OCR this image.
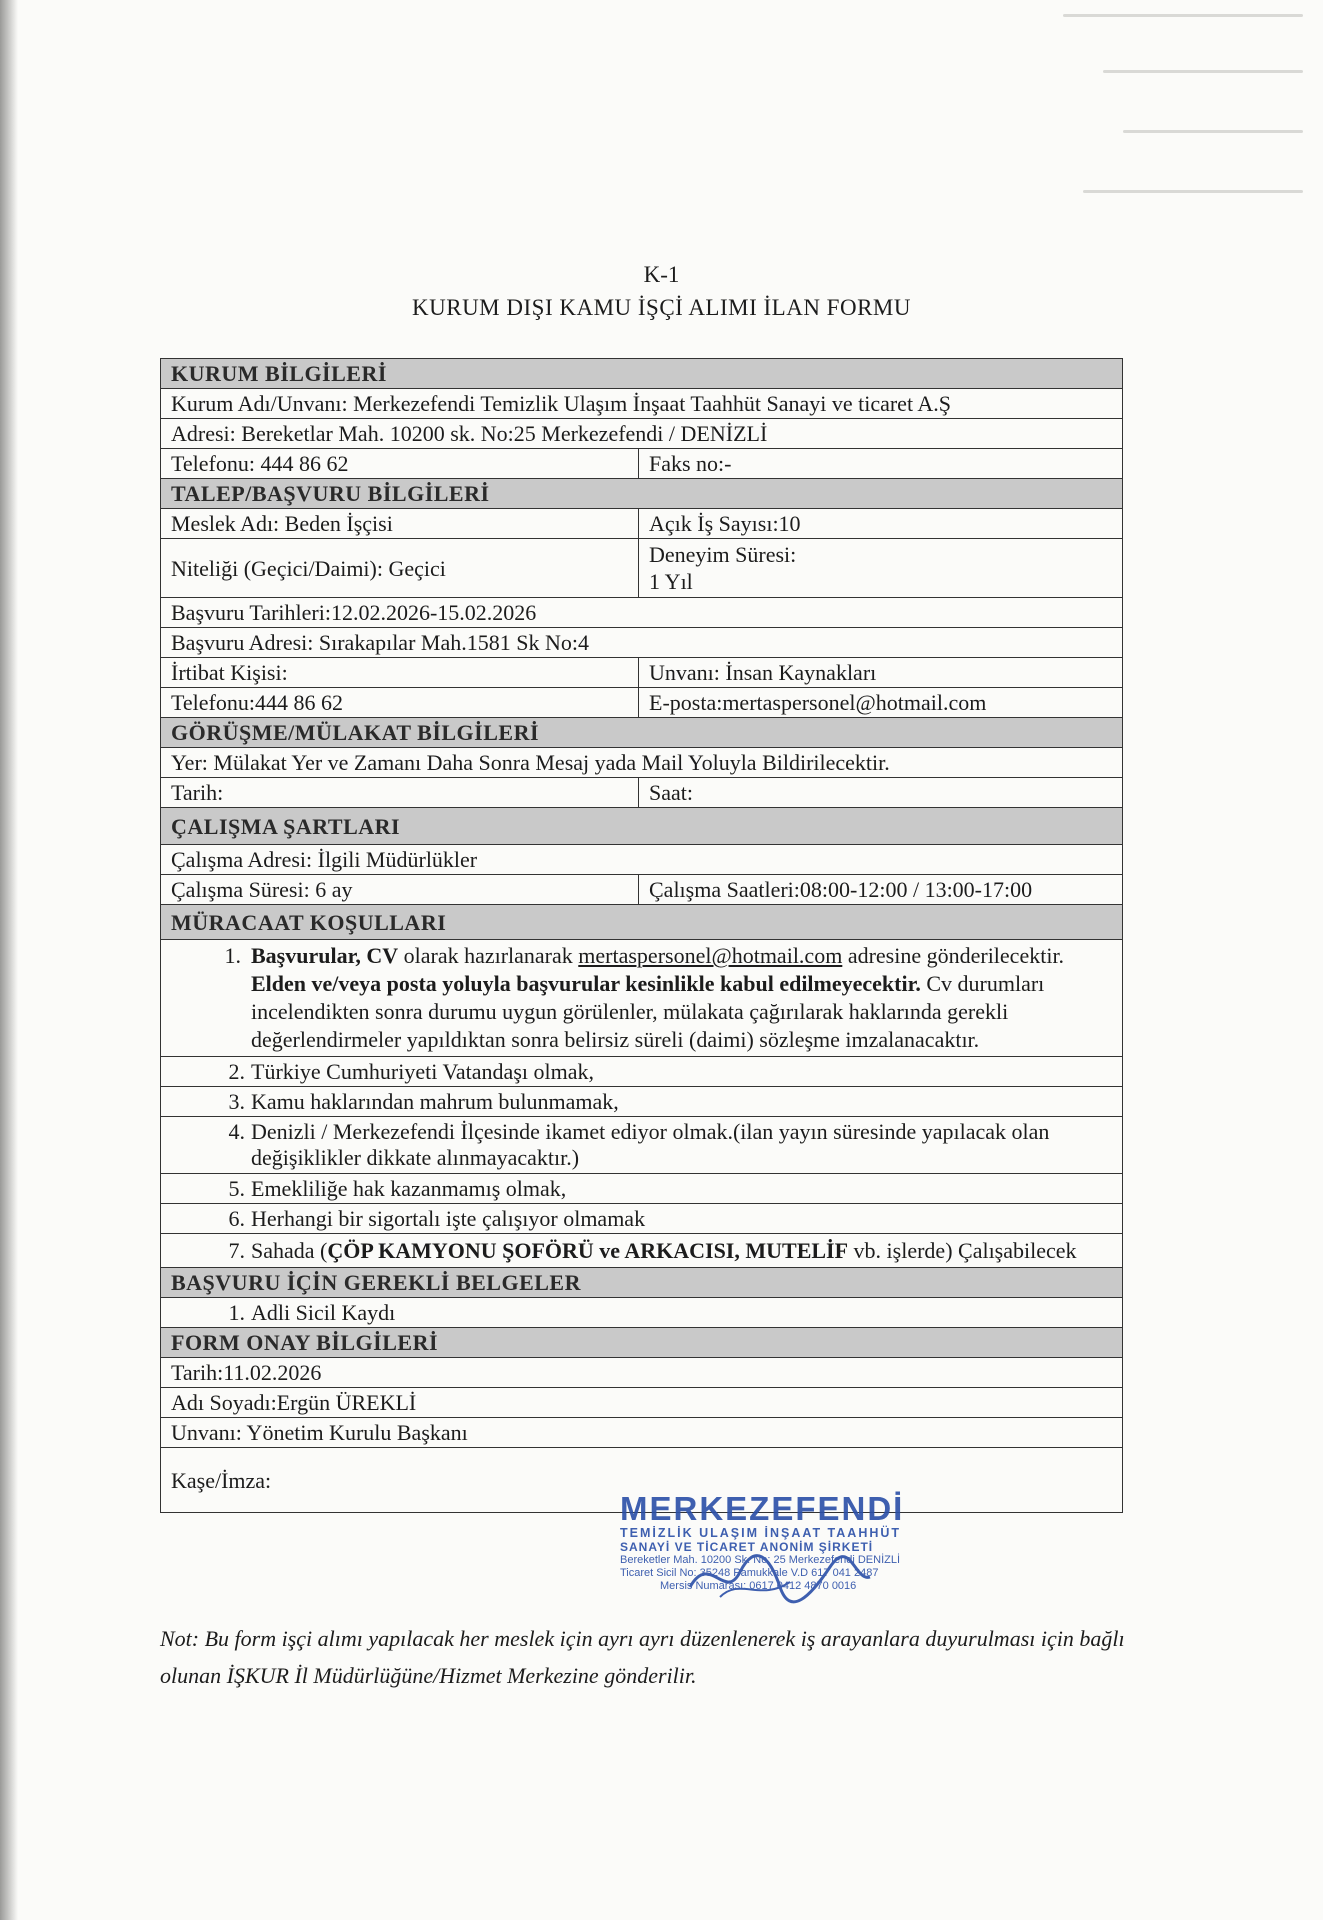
K-1
KURUM DIŞI KAMU İŞÇİ ALIMI İLAN FORMU
KURUM BİLGİLERİ	
Kurum Adı/Unvanı: Merkezefendi Temizlik Ulaşım İnşaat Taahhüt Sanayi ve ticaret A.Ş	
Adresi: Bereketlar Mah. 10200 sk. No:25 Merkezefendi / DENİZLİ	
Telefonu: 444 86 62	Faks no:-
TALEP/BAŞVURU BİLGİLERİ	
Meslek Adı: Beden İşçisi	Açık İş Sayısı:10
Niteliği (Geçici/Daimi): Geçici	Deneyim Süresi:
1 Yıl

Başvuru Tarihleri:12.02.2026-15.02.2026	
Başvuru Adresi: Sırakapılar Mah.1581 Sk No:4	
İrtibat Kişisi:	Unvanı: İnsan Kaynakları
Telefonu:444 86 62	E-posta:mertaspersonel@hotmail.com
GÖRÜŞME/MÜLAKAT BİLGİLERİ	
Yer: Mülakat Yer ve Zamanı Daha Sonra Mesaj yada Mail Yoluyla Bildirilecektir.	
Tarih:	Saat:
ÇALIŞMA ŞARTLARI	
Çalışma Adresi: İlgili Müdürlükler	
Çalışma Süresi: 6 ay	Çalışma Saatleri:08:00-12:00 / 13:00-17:00
MÜRACAAT KOŞULLARI	
1. Başvurular, CV olarak hazırlanarak mertaspersonel@hotmail.com adresine gönderilecektir. Elden ve/veya posta yoluyla başvurular kesinlikle kabul edilmeyecektir. Cv durumları incelendikten sonra durumu uygun görülenler, mülakata çağırılarak haklarında gerekli değerlendirmeler yapıldıktan sonra belirsiz süreli (daimi) sözleşme imzalanacaktır.	
2. Türkiye Cumhuriyeti Vatandaşı olmak,	
3. Kamu haklarından mahrum bulunmamak,	
4. Denizli / Merkezefendi İlçesinde ikamet ediyor olmak.(ilan yayın süresinde yapılacak olan değişiklikler dikkate alınmayacaktır.)	
5. Emekliliğe hak kazanmamış olmak,	
6. Herhangi bir sigortalı işte çalışıyor olmamak	
7. Sahada (ÇÖP KAMYONU ŞOFÖRÜ ve ARKACISI, MUTELİF vb. işlerde) Çalışabilecek	
BAŞVURU İÇİN GEREKLİ BELGELER	
1. Adli Sicil Kaydı	
FORM ONAY BİLGİLERİ	
Tarih:11.02.2026	
Adı Soyadı:Ergün ÜREKLİ	
Unvanı: Yönetim Kurulu Başkanı	
Kaşe/İmza:	
MERKEZEFENDİ
TEMİZLİK ULAŞIM İNŞAAT TAAHHÜT
SANAYİ VE TİCARET ANONİM ŞİRKETİ
Bereketler Mah. 10200 Sk. No: 25 Merkezefendi DENİZLİ
Ticaret Sicil No: 35248 Pamukkale V.D 617 041 2487
Mersis Numarası: 0617 0412 4870 0016
Not: Bu form işçi alımı yapılacak her meslek için ayrı ayrı düzenlenerek iş arayanlara duyurulması için bağlı olunan İŞKUR İl Müdürlüğüne/Hizmet Merkezine gönderilir.
